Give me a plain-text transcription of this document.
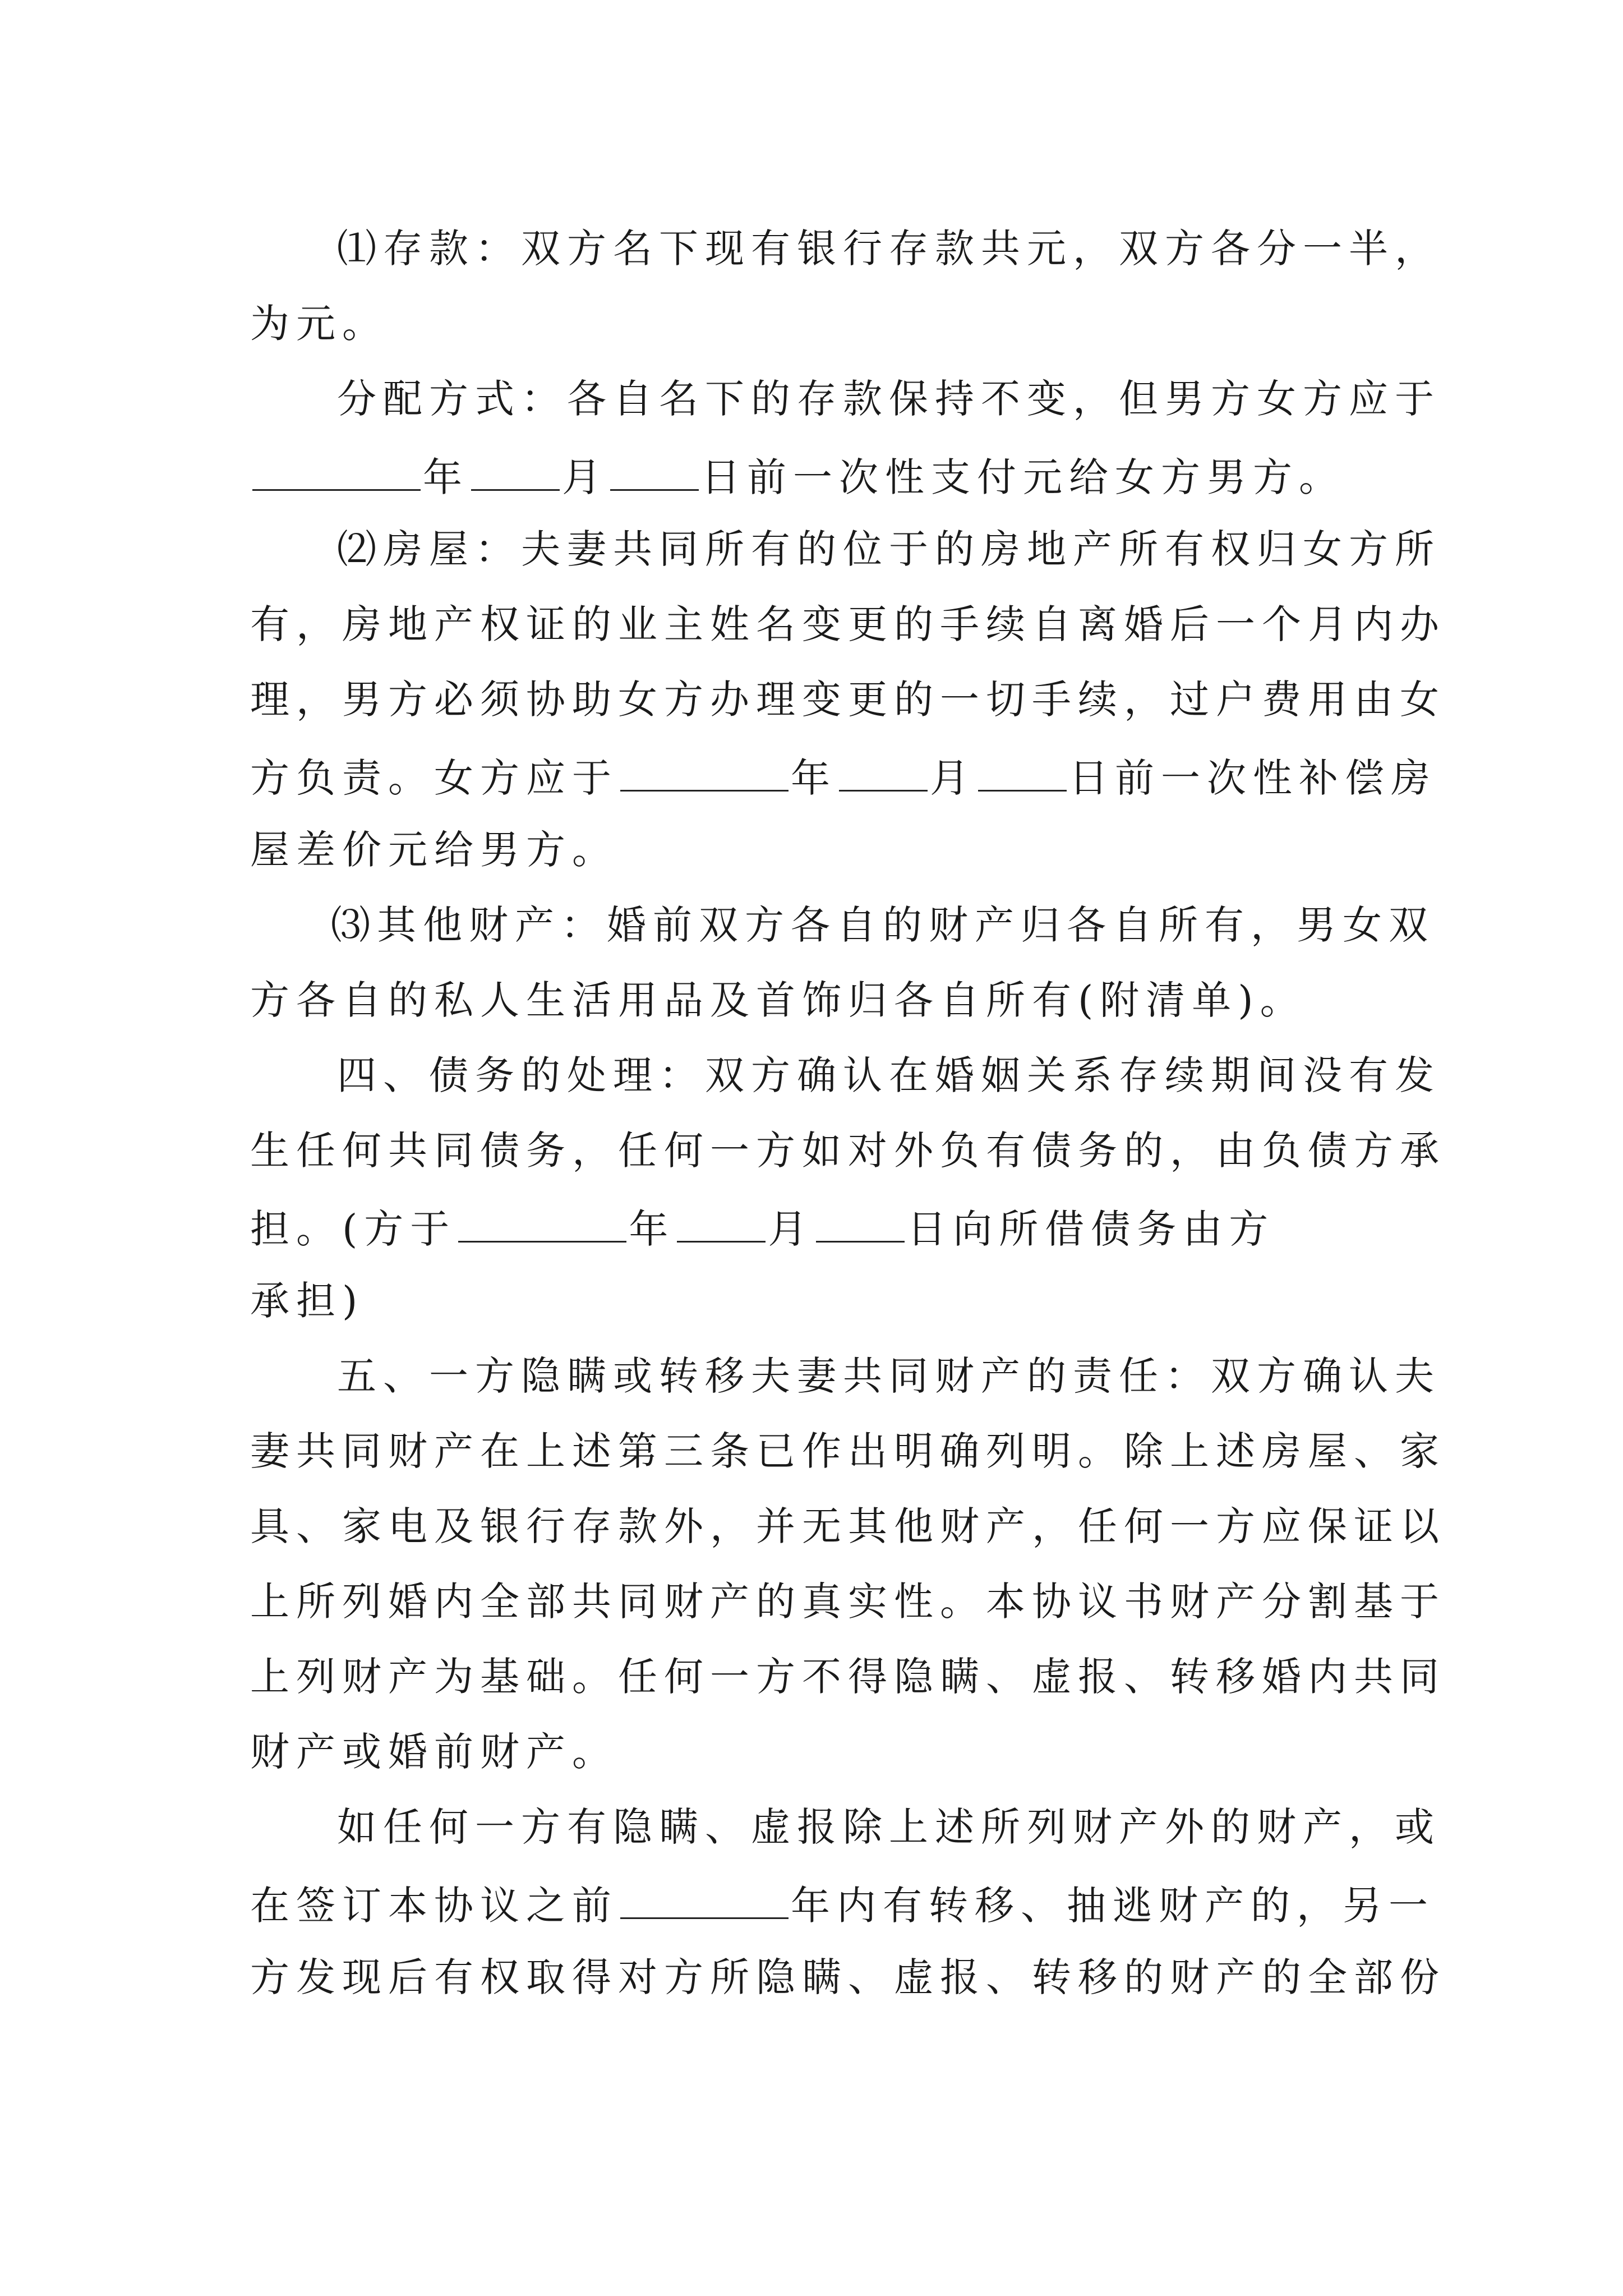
⑴存款：双方名下现有银行存款共元，双方各分一半，
为元。
分配方式：各自名下的存款保持不变，但男方女方应于
年 月 日前一次性支付元给女方男方。
⑵房屋：夫妻共同所有的位于的房地产所有权归女方所
有，房地产权证的业主姓名变更的手续自离婚后一个月内办
理，男方必须协助女方办理变更的一切手续，过户费用由女
方负责。女方应于	年 月 日前一次性补偿房
屋差价元给男方。
⑶其他财产：婚前双方各自的财产归各自所有，男女双
方各自的私人生活用品及首饰归各自所有(附清单)。
四、债务的处理：双方确认在婚姻关系存续期间没有发
生任何共同债务，任何一方如对外负有债务的，由负债方承
担。(方于	年 月 日向所借债务由方
承担)
五、一方隐瞒或转移夫妻共同财产的责任：双方确认夫
妻共同财产在上述第三条已作出明确列明。除上述房屋、家
具、家电及银行存款外，并无其他财产，任何一方应保证以
上所列婚内全部共同财产的真实性。本协议书财产分割基于
上列财产为基础。任何一方不得隐瞒、虚报、转移婚内共同
财产或婚前财产。
如任何一方有隐瞒、虚报除上述所列财产外的财产，或
在签订本协议之前	年内有转移、抽逃财产的，另一
方发现后有权取得对方所隐瞒、虚报、转移的财产的全部份
